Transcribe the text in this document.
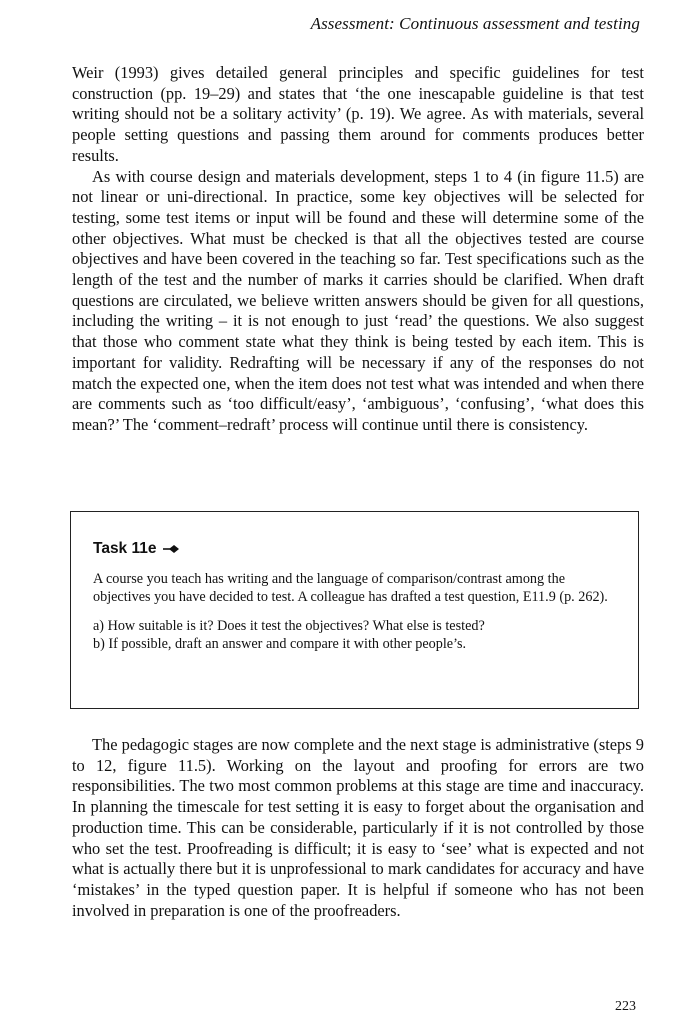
Assessment: Continuous assessment and testing

Weir (1993) gives detailed general principles and specific guidelines for test construction (pp. 19–29) and states that ‘the one inescapable guideline is that test writing should not be a solitary activity’ (p. 19). We agree. As with materials, several people setting questions and passing them around for comments produces better results.

As with course design and materials development, steps 1 to 4 (in figure 11.5) are not linear or uni-directional. In practice, some key objectives will be selected for testing, some test items or input will be found and these will determine some of the other objectives. What must be checked is that all the objectives tested are course objectives and have been covered in the teaching so far. Test specifications such as the length of the test and the number of marks it carries should be clarified. When draft questions are circulated, we believe written answers should be given for all questions, including the writing – it is not enough to just ‘read’ the questions. We also suggest that those who comment state what they think is being tested by each item. This is important for validity. Redrafting will be necessary if any of the responses do not match the expected one, when the item does not test what was intended and when there are comments such as ‘too difficult/easy’, ‘ambiguous’, ‘confusing’, ‘what does this mean?’ The ‘comment–redraft’ process will continue until there is consistency.

Task 11e

A course you teach has writing and the language of comparison/contrast among the objectives you have decided to test. A colleague has drafted a test question, E11.9 (p. 262).

a) How suitable is it? Does it test the objectives? What else is tested?

b) If possible, draft an answer and compare it with other people’s.

The pedagogic stages are now complete and the next stage is administrative (steps 9 to 12, figure 11.5). Working on the layout and proofing for errors are two responsibilities. The two most common problems at this stage are time and inaccuracy. In planning the timescale for test setting it is easy to forget about the organisation and production time. This can be considerable, particularly if it is not controlled by those who set the test. Proofreading is difficult; it is easy to ‘see’ what is expected and not what is actually there but it is unprofessional to mark candidates for accuracy and have ‘mistakes’ in the typed question paper. It is helpful if someone who has not been involved in preparation is one of the proofreaders.

223
